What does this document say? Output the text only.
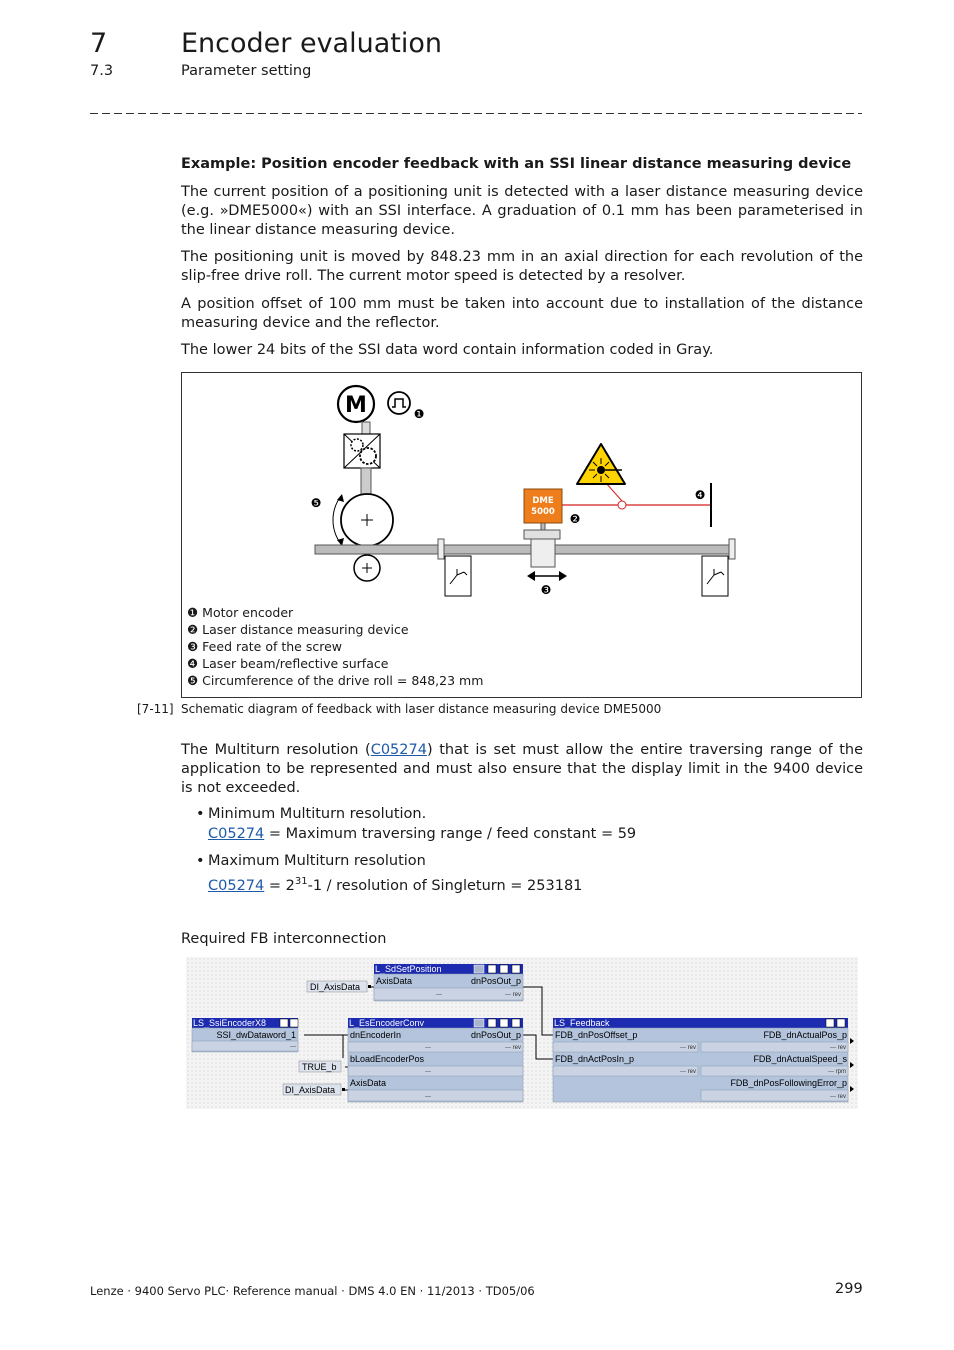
7	Encoder evaluation
7.3	Parameter setting
Example: Position encoder feedback with an SSI linear distance measuring device
The current position of a positioning unit is detected with a laser distance measuring device (e.g. »DME5000«) with an SSI interface. A graduation of 0.1 mm has been parameterised in the linear distance measuring device.
The positioning unit is moved by 848.23 mm in an axial direction for each revolution of the slip-free drive roll. The current motor speed is detected by a resolver.
A position offset of 100 mm must be taken into account due to installation of the distance measuring device and the reflector.
The lower 24 bits of the SSI data word contain information coded in Gray.
M	❶
❺	DME
5000 ❷
❸
❹
❶ Motor encoder
❷ Laser distance measuring device
❸ Feed rate of the screw
❹ Laser beam/reflective surface
❺ Circumference of the drive roll = 848,23 mm
[7-11] Schematic diagram of feedback with laser distance measuring device DME5000
The Multiturn resolution (C05274) that is set must allow the entire traversing range of the application to be represented and must also ensure that the display limit in the 9400 device is not exceeded.
• Minimum Multiturn resolution.
C05274 = Maximum traversing range / feed constant = 59
• Maximum Multiturn resolution
$C05274 = 2^{31}-1$ / resolution of Singleturn = 253181
Required FB interconnection
L_SdSetPosition
AxisData	dnPosOut_p
---	--- rev
DI_AxisData
LS_SsiEncoderX8
SSI_dwDataword_1
---
L_EsEncoderConv
dnEncoderIn	dnPosOut_p
---	--- rev
bLoadEncoderPos
---
AxisData
---
TRUE_b
DI_AxisData
LS_Feedback
FDB_dnPosOffset_p	FDB_dnActualPos_p
--- rev	--- rev
FDB_dnActPosIn_p	FDB_dnActualSpeed_s
--- rev	--- rpm
FDB_dnPosFollowingError_p
--- rev
Lenze · 9400 Servo PLC· Reference manual · DMS 4.0 EN · 11/2013 · TD05/06	299
